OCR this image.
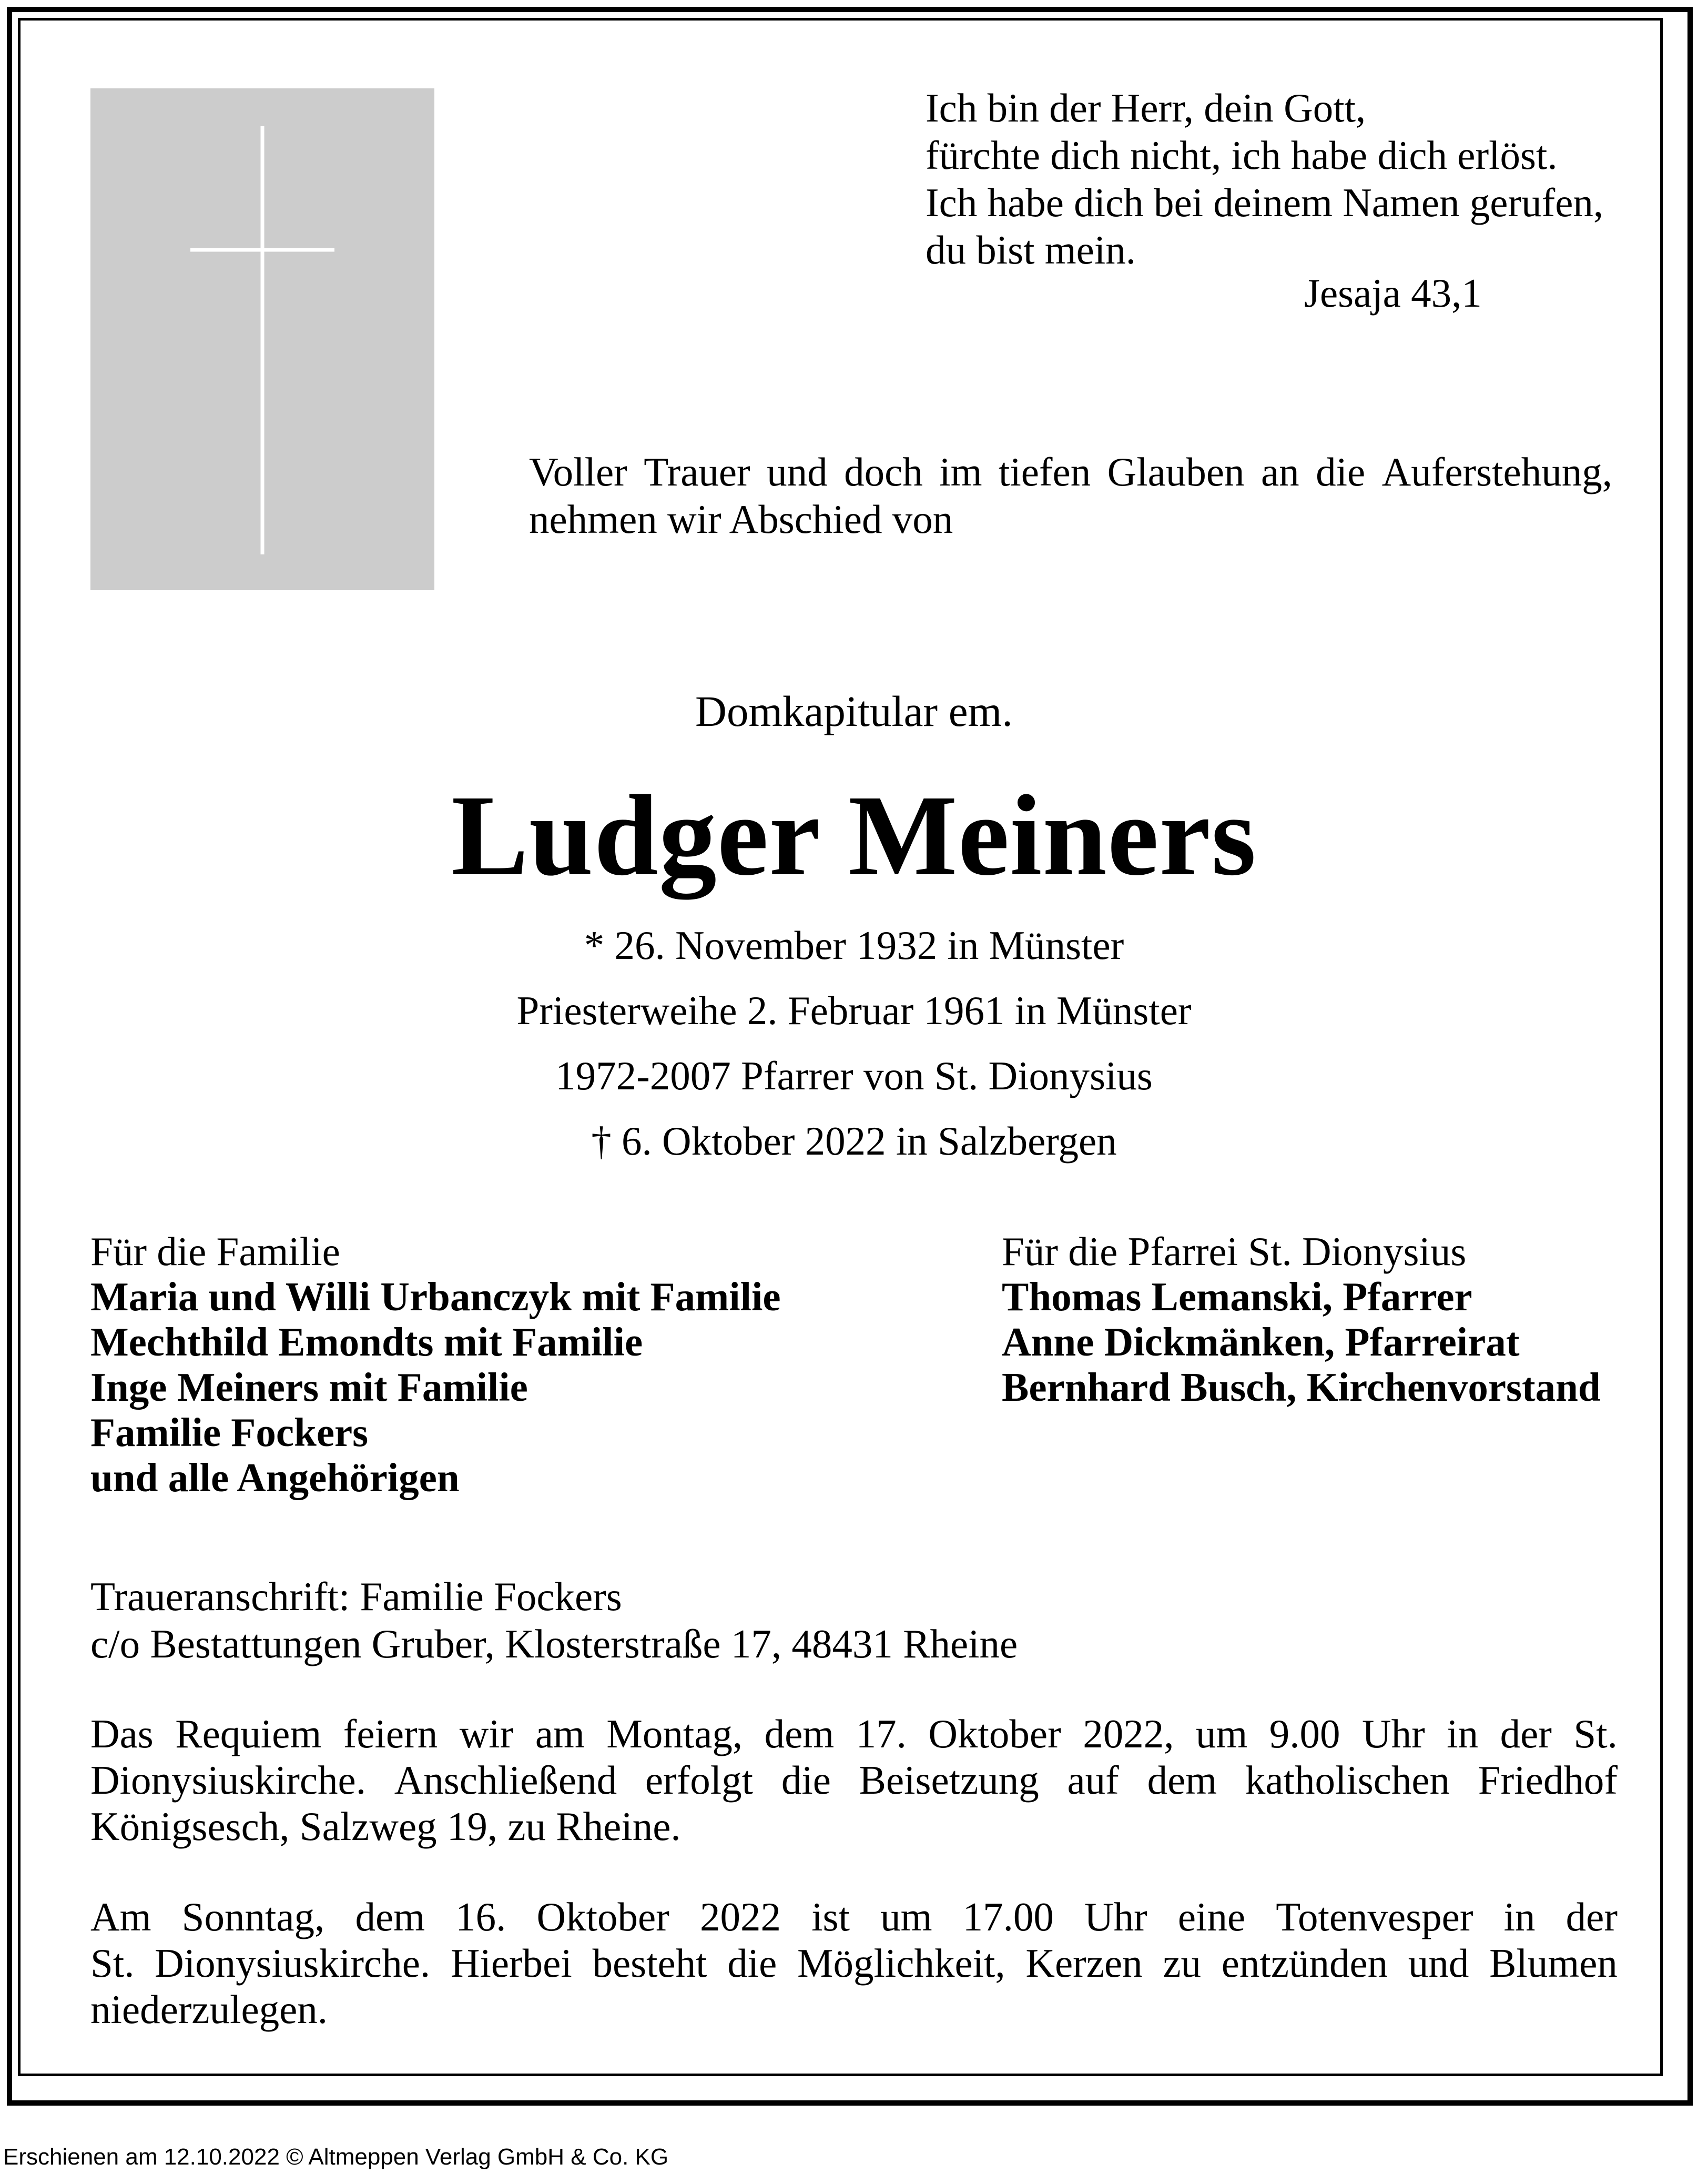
Ich bin der Herr, dein Gott,
fürchte dich nicht, ich habe dich erlöst.
Ich habe dich bei deinem Namen gerufen,
du bist mein.
Jesaja 43,1
Voller Trauer und doch im tiefen Glauben an die Auferstehung,
nehmen wir Abschied von
Domkapitular em.
Ludger Meiners
* 26. November 1932 in Münster
Priesterweihe 2. Februar 1961 in Münster
1972-2007 Pfarrer von St. Dionysius
† 6. Oktober 2022 in Salzbergen
Für die Familie
Maria und Willi Urbanczyk mit Familie
Mechthild Emondts mit Familie
Inge Meiners mit Familie
Familie Fockers
und alle Angehörigen
Für die Pfarrei St. Dionysius
Thomas Lemanski, Pfarrer
Anne Dickmänken, Pfarreirat
Bernhard Busch, Kirchenvorstand
Traueranschrift: Familie Fockers
c/o Bestattungen Gruber, Klosterstraße 17, 48431 Rheine
Das Requiem feiern wir am Montag, dem 17. Oktober 2022, um 9.00 Uhr in der St.
Dionysiuskirche. Anschließend erfolgt die Beisetzung auf dem katholischen Friedhof
Königsesch, Salzweg 19, zu Rheine.
Am Sonntag, dem 16. Oktober 2022 ist um 17.00 Uhr eine Totenvesper in der
St. Dionysiuskirche. Hierbei besteht die Möglichkeit, Kerzen zu entzünden und Blumen
niederzulegen.
Erschienen am 12.10.2022 © Altmeppen Verlag GmbH & Co. KG
